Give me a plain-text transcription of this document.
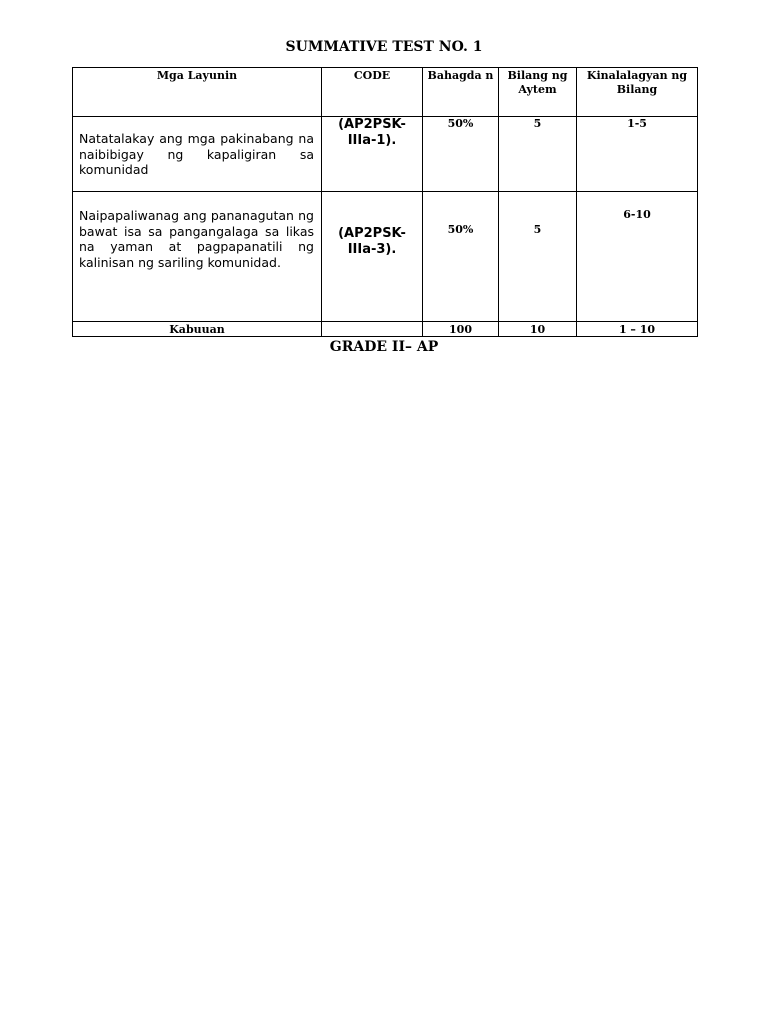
SUMMATIVE TEST NO. 1
Mga Layunin	CODE	Bahagda n	Bilang ng Aytem	Kinalalagyan ng Bilang
Natatalakay ang mga pakinabang na naibibigay ng kapaligiran sa komunidad	(AP2PSK-IIIa-1).	50%	5	1-5
Naipapaliwanag ang pananagutan ng bawat isa sa pangangalaga sa likas na yaman at pagpapanatili ng kalinisan ng sariling komunidad.	(AP2PSK-IIIa-3).	50%	5	6-10
Kabuuan		100	10	1 – 10
GRADE II– AP
